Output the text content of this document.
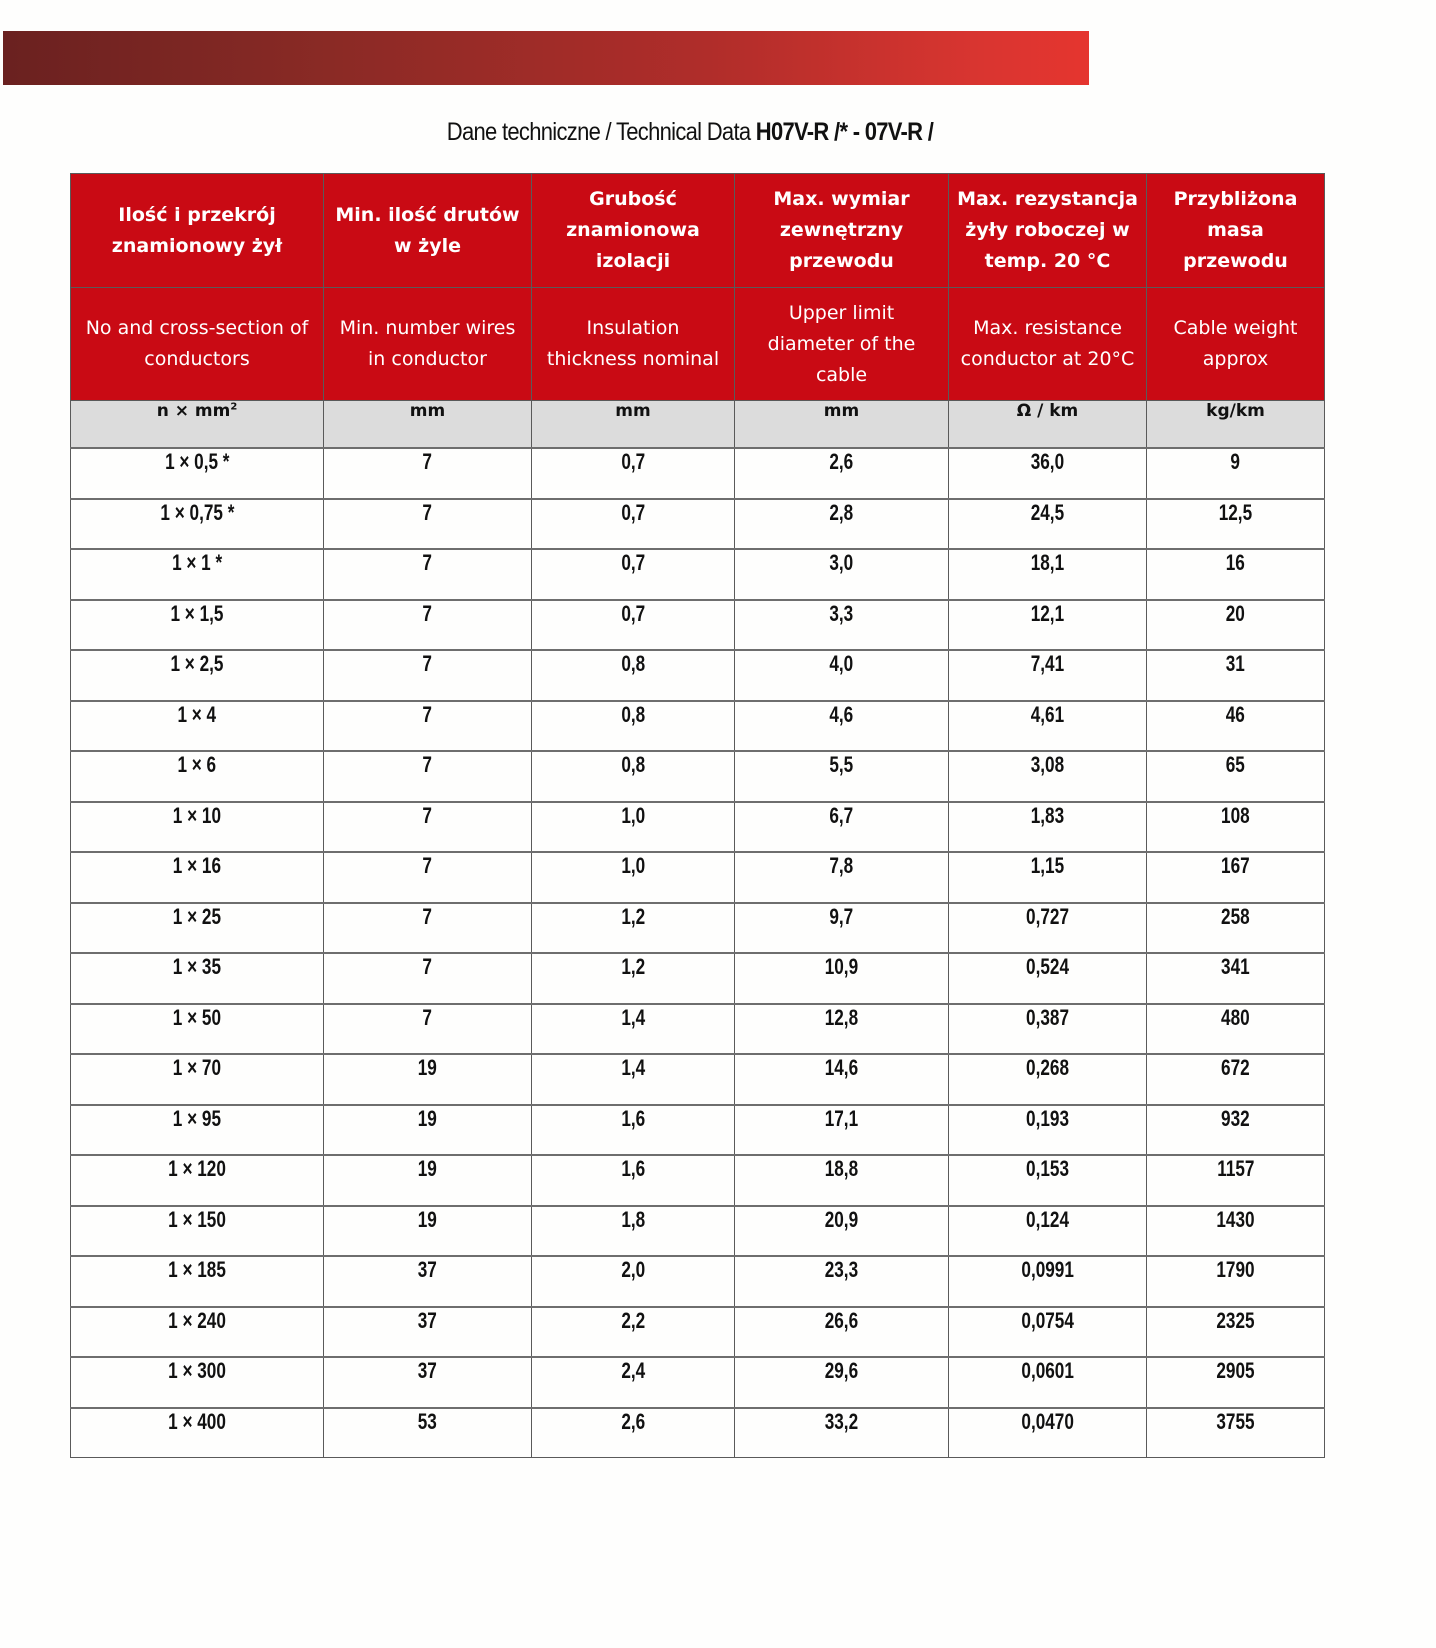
Dane techniczne / Technical Data H07V-R /* - 07V-R /
Ilość i przekrój
znamionowy żył	Min. ilość drutów
w żyle	Grubość
znamionowa
izolacji	Max. wymiar
zewnętrzny
przewodu	Max. rezystancja
żyły roboczej w
temp. 20 °C	Przybliżona
masa
przewodu

No and cross-section of
conductors	Min. number wires
in conductor	Insulation
thickness nominal	Upper limit
diameter of the
cable	Max. resistance
conductor at 20°C	Cable weight
approx

$n \times mm^2$	mm	mm	mm	Ω / km	kg/km
1 × 0,5 *	7	0,7	2,6	36,0	9
1 × 0,75 *	7	0,7	2,8	24,5	12,5
1 × 1 *	7	0,7	3,0	18,1	16
1 × 1,5	7	0,7	3,3	12,1	20
1 × 2,5	7	0,8	4,0	7,41	31
1 × 4	7	0,8	4,6	4,61	46
1 × 6	7	0,8	5,5	3,08	65
1 × 10	7	1,0	6,7	1,83	108
1 × 16	7	1,0	7,8	1,15	167
1 × 25	7	1,2	9,7	0,727	258
1 × 35	7	1,2	10,9	0,524	341
1 × 50	7	1,4	12,8	0,387	480
1 × 70	19	1,4	14,6	0,268	672
1 × 95	19	1,6	17,1	0,193	932
1 × 120	19	1,6	18,8	0,153	1157
1 × 150	19	1,8	20,9	0,124	1430
1 × 185	37	2,0	23,3	0,0991	1790
1 × 240	37	2,2	26,6	0,0754	2325
1 × 300	37	2,4	29,6	0,0601	2905
1 × 400	53	2,6	33,2	0,0470	3755
